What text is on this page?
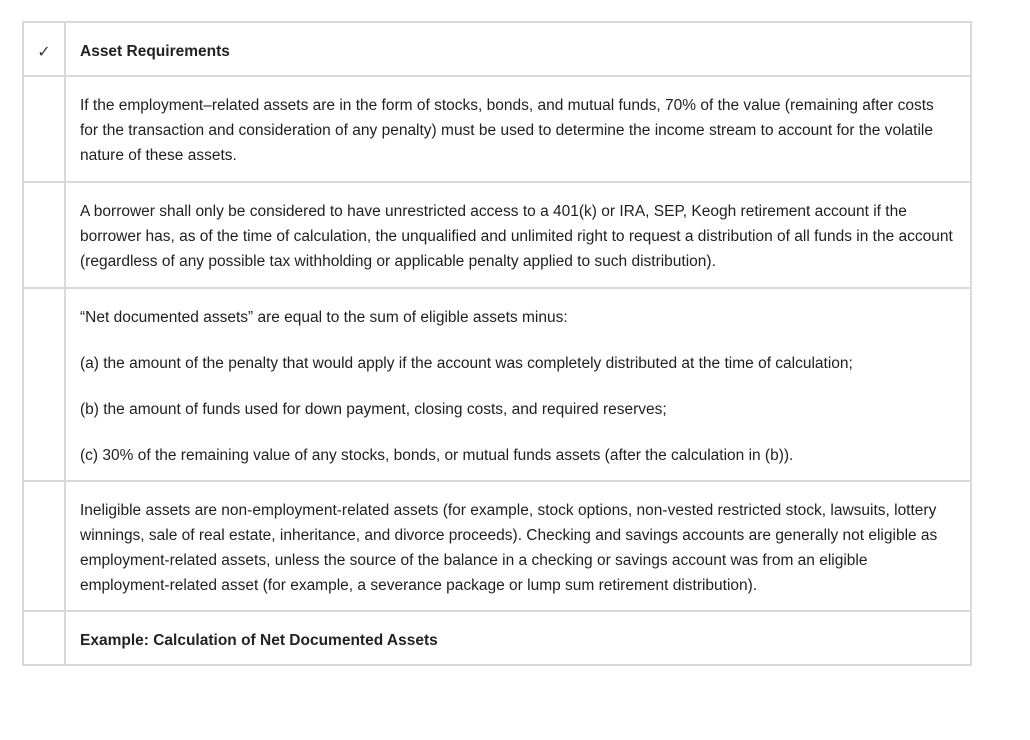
✓	Asset Requirements

	If the employment–related assets are in the form of stocks, bonds, and mutual funds, 70% of the value (remaining after costs for the transaction and consideration of any penalty) must be used to determine the income stream to account for the volatile nature of these assets.

	A borrower shall only be considered to have unrestricted access to a 401(k) or IRA, SEP, Keogh retirement account if the borrower has, as of the time of calculation, the unqualified and unlimited right to request a distribution of all funds in the account (regardless of any possible tax withholding or applicable penalty applied to such distribution).

	“Net documented assets” are equal to the sum of eligible assets minus:

(a) the amount of the penalty that would apply if the account was completely distributed at the time of calculation;

(b) the amount of funds used for down payment, closing costs, and required reserves;

(c) 30% of the remaining value of any stocks, bonds, or mutual funds assets (after the calculation in (b)).

	Ineligible assets are non-employment-related assets (for example, stock options, non-vested restricted stock, lawsuits, lottery winnings, sale of real estate, inheritance, and divorce proceeds). Checking and savings accounts are generally not eligible as employment-related assets, unless the source of the balance in a checking or savings account was from an eligible employment-related asset (for example, a severance package or lump sum retirement distribution).

	Example: Calculation of Net Documented Assets
